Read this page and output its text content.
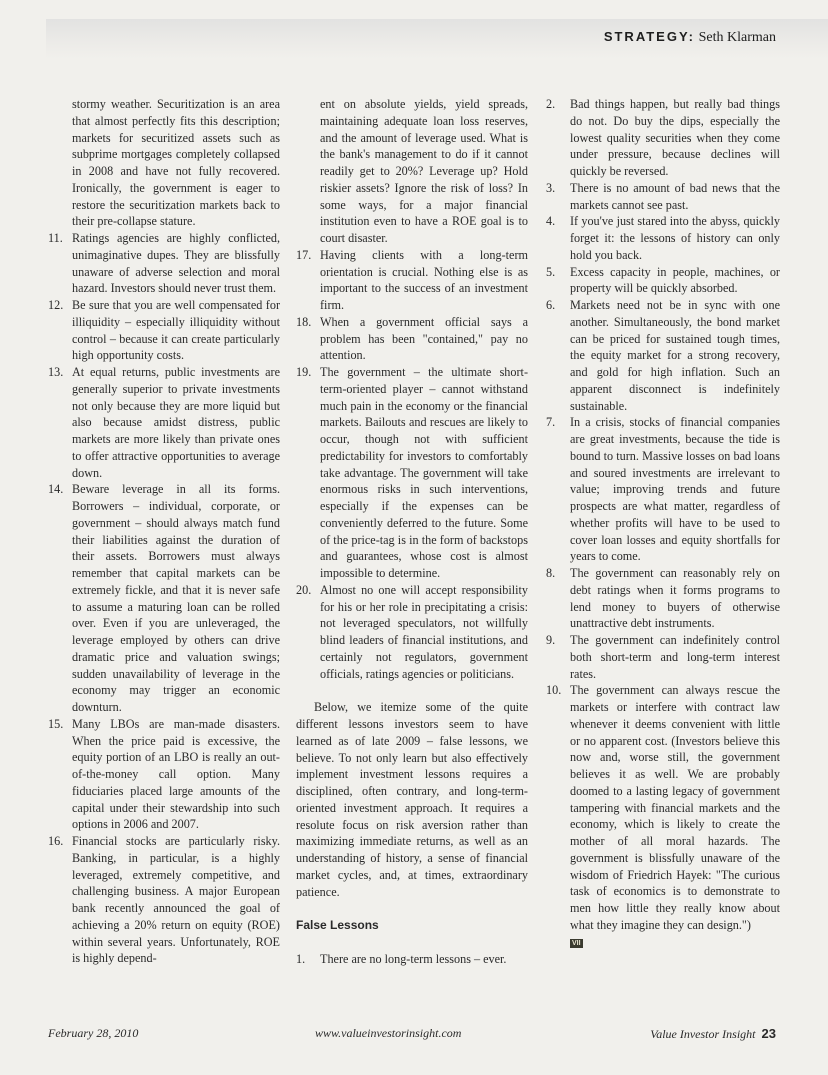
STRATEGY: Seth Klarman

stormy weather. Securitization is an area that almost perfectly fits this description; markets for securitized assets such as subprime mortgages completely collapsed in 2008 and have not fully recovered. Ironically, the government is eager to restore the securitization markets back to their pre-collapse stature.

11. Ratings agencies are highly conflicted, unimaginative dupes. They are blissfully unaware of adverse selection and moral hazard. Investors should never trust them.
12. Be sure that you are well compensated for illiquidity – especially illiquidity without control – because it can create particularly high opportunity costs.
13. At equal returns, public investments are generally superior to private investments not only because they are more liquid but also because amidst distress, public markets are more likely than private ones to offer attractive opportunities to average down.
14. Beware leverage in all its forms. Borrowers – individual, corporate, or government – should always match fund their liabilities against the duration of their assets. Borrowers must always remember that capital markets can be extremely fickle, and that it is never safe to assume a maturing loan can be rolled over. Even if you are unleveraged, the leverage employed by others can drive dramatic price and valuation swings; sudden unavailability of leverage in the economy may trigger an economic downturn.
15. Many LBOs are man-made disasters. When the price paid is excessive, the equity portion of an LBO is really an out-of-the-money call option. Many fiduciaries placed large amounts of the capital under their stewardship into such options in 2006 and 2007.
16. Financial stocks are particularly risky. Banking, in particular, is a highly leveraged, extremely competitive, and challenging business. A major European bank recently announced the goal of achieving a 20% return on equity (ROE) within several years. Unfortunately, ROE is highly depend-

ent on absolute yields, yield spreads, maintaining adequate loan loss reserves, and the amount of leverage used. What is the bank's management to do if it cannot readily get to 20%? Leverage up? Hold riskier assets? Ignore the risk of loss? In some ways, for a major financial institution even to have a ROE goal is to court disaster.

17. Having clients with a long-term orientation is crucial. Nothing else is as important to the success of an investment firm.
18. When a government official says a problem has been "contained," pay no attention.
19. The government – the ultimate short-term-oriented player – cannot withstand much pain in the economy or the financial markets. Bailouts and rescues are likely to occur, though not with sufficient predictability for investors to comfortably take advantage. The government will take enormous risks in such interventions, especially if the expenses can be conveniently deferred to the future. Some of the price-tag is in the form of backstops and guarantees, whose cost is almost impossible to determine.
20. Almost no one will accept responsibility for his or her role in precipitating a crisis: not leveraged speculators, not willfully blind leaders of financial institutions, and certainly not regulators, government officials, ratings agencies or politicians.

Below, we itemize some of the quite different lessons investors seem to have learned as of late 2009 – false lessons, we believe. To not only learn but also effectively implement investment lessons requires a disciplined, often contrary, and long-term-oriented investment approach. It requires a resolute focus on risk aversion rather than maximizing immediate returns, as well as an understanding of history, a sense of financial market cycles, and, at times, extraordinary patience.

False Lessons

1.	There are no long-term lessons – ever.
2.	Bad things happen, but really bad things do not. Do buy the dips, especially the lowest quality securities when they come under pressure, because declines will quickly be reversed.
3.	There is no amount of bad news that the markets cannot see past.
4.	If you've just stared into the abyss, quickly forget it: the lessons of history can only hold you back.
5.	Excess capacity in people, machines, or property will be quickly absorbed.
6.	Markets need not be in sync with one another. Simultaneously, the bond market can be priced for sustained tough times, the equity market for a strong recovery, and gold for high inflation. Such an apparent disconnect is indefinitely sustainable.
7.	In a crisis, stocks of financial companies are great investments, because the tide is bound to turn. Massive losses on bad loans and soured investments are irrelevant to value; improving trends and future prospects are what matter, regardless of whether profits will have to be used to cover loan losses and equity shortfalls for years to come.
8.	The government can reasonably rely on debt ratings when it forms programs to lend money to buyers of otherwise unattractive debt instruments.
9.	The government can indefinitely control both short-term and long-term interest rates.
10. The government can always rescue the markets or interfere with contract law whenever it deems convenient with little or no apparent cost. (Investors believe this now and, worse still, the government believes it as well. We are probably doomed to a lasting legacy of government tampering with financial markets and the economy, which is likely to create the mother of all moral hazards. The government is blissfully unaware of the wisdom of Friedrich Hayek: "The curious task of economics is to demonstrate to men how little they really know about what they imagine they can design.")
VII
February 28, 2010	www.valueinvestorinsight.com	Value Investor Insight 23
